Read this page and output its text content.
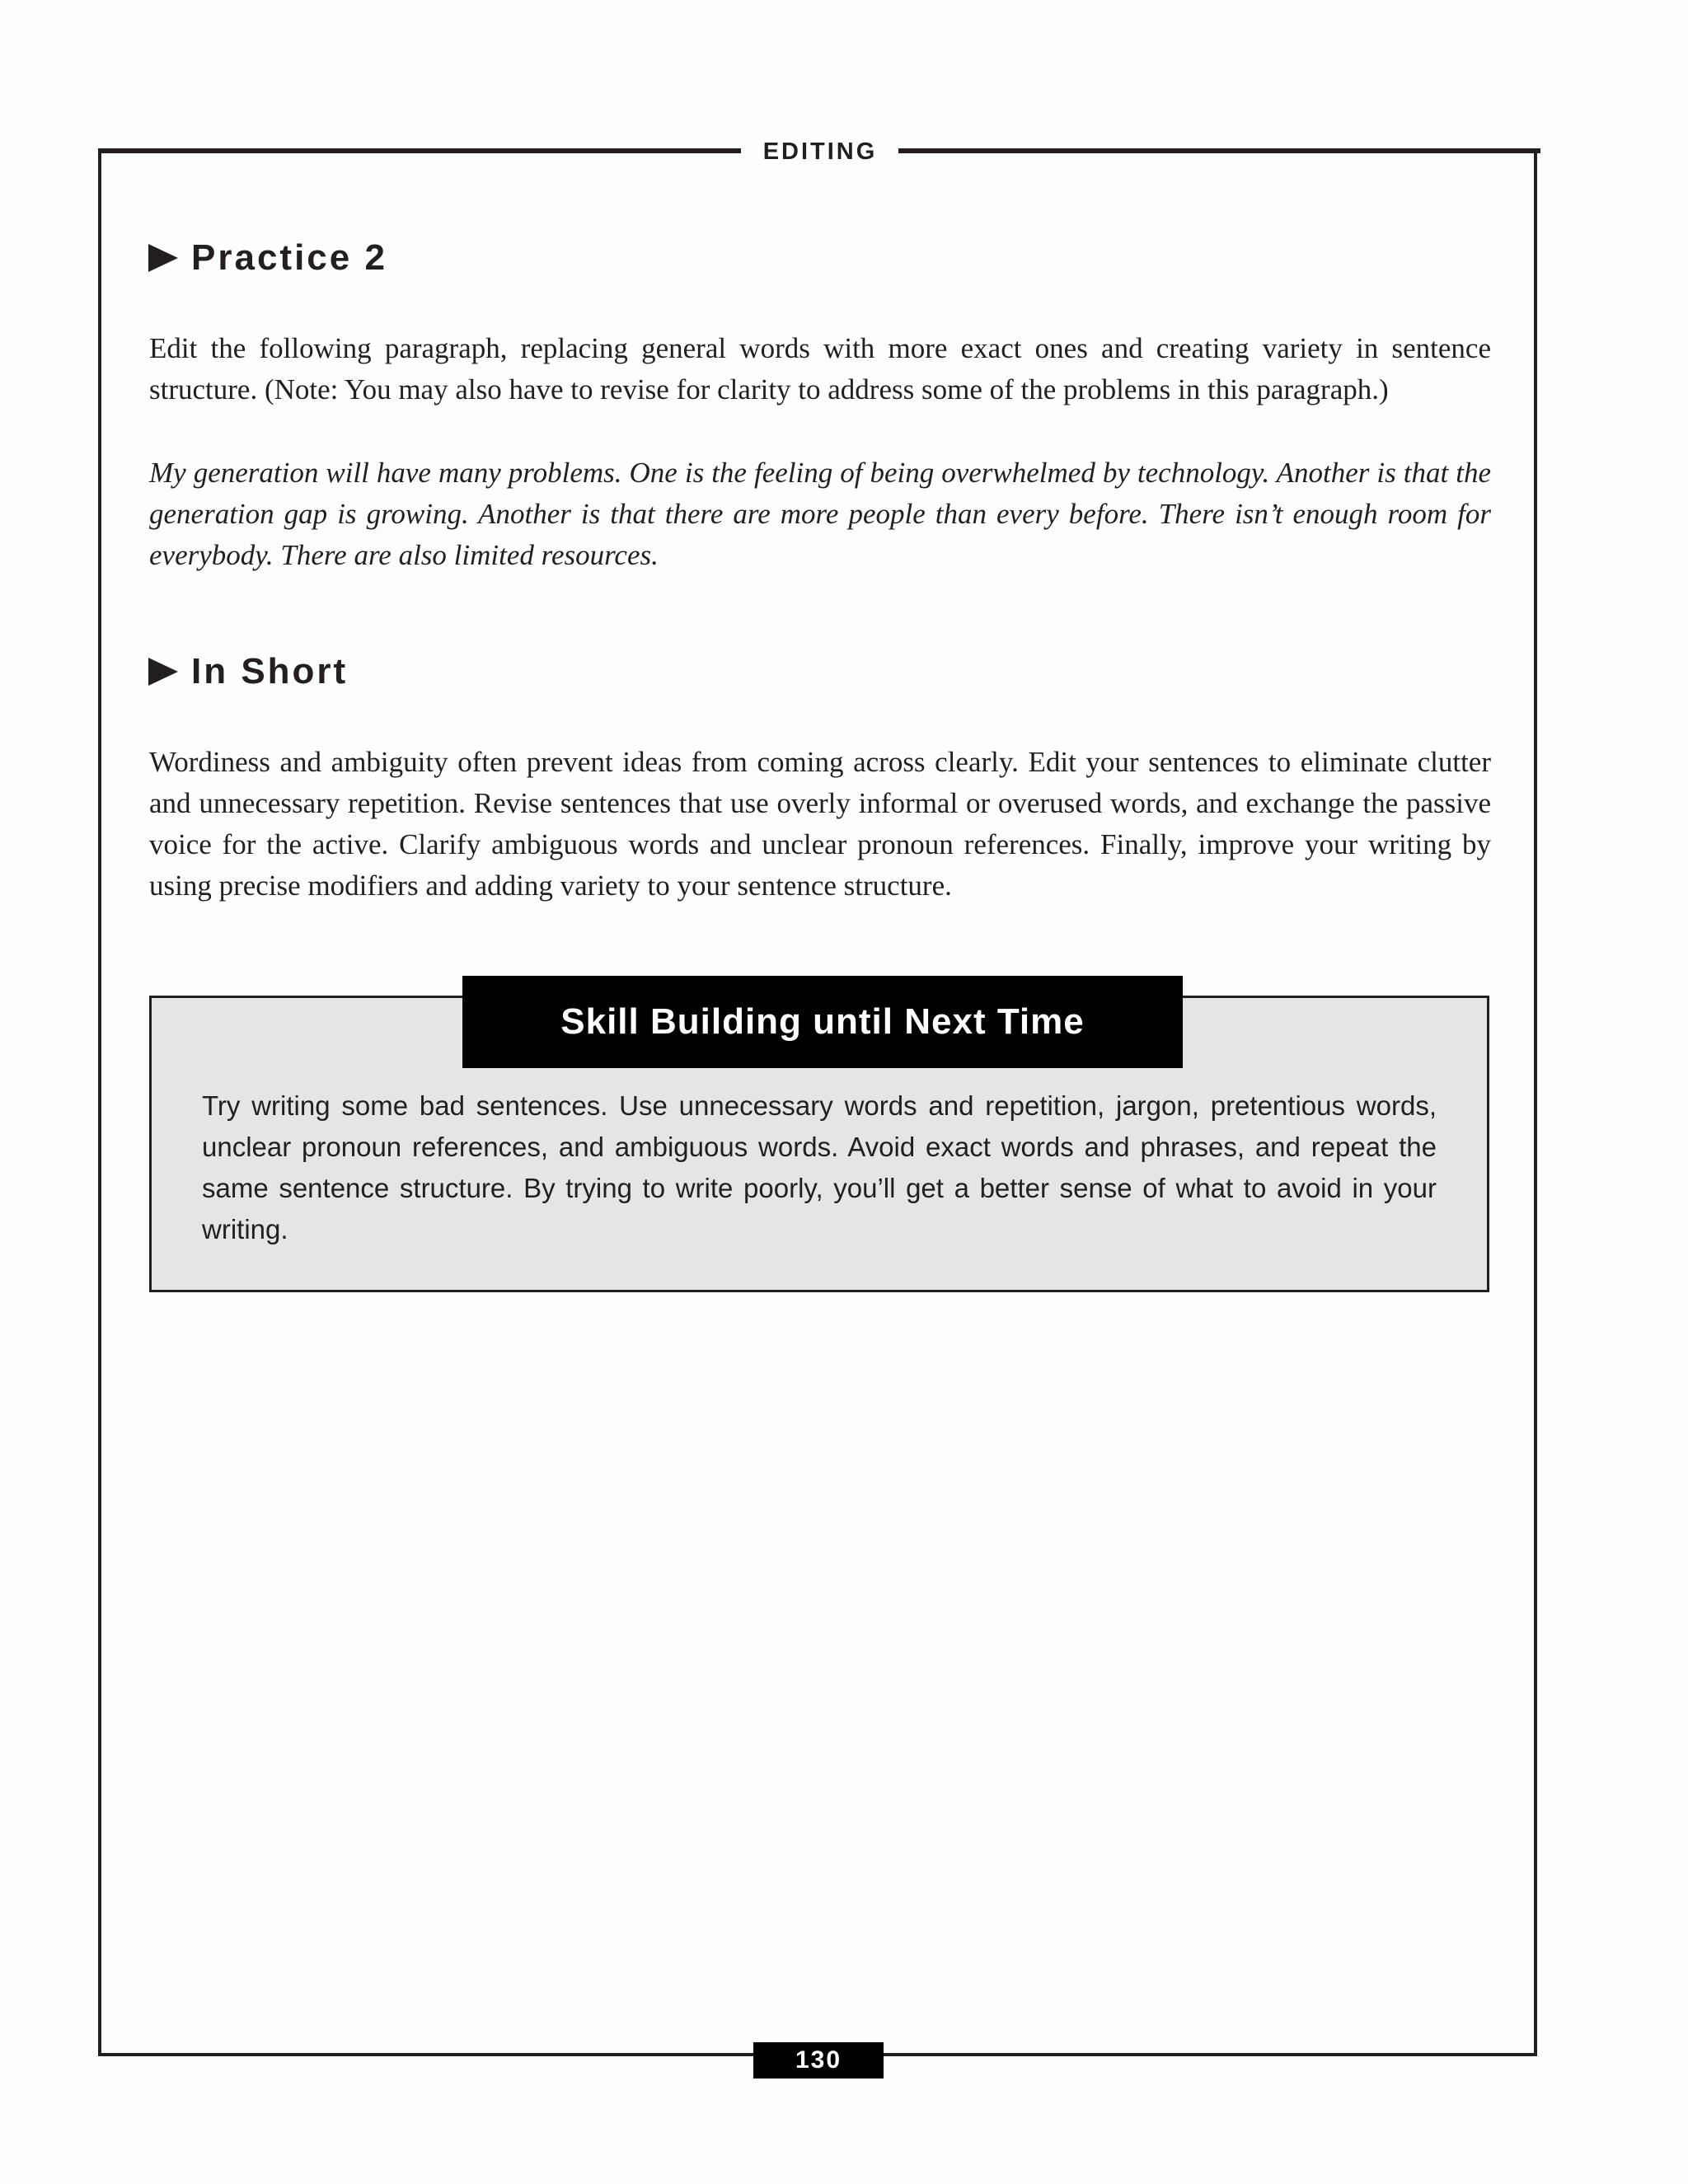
EDITING
Practice 2

Edit the following paragraph, replacing general words with more exact ones and creating variety in sentence structure. (Note: You may also have to revise for clarity to address some of the problems in this paragraph.)

My generation will have many problems. One is the feeling of being overwhelmed by technology. Another is that the generation gap is growing. Another is that there are more people than every before. There isn’t enough room for everybody. There are also limited resources.

In Short

Wordiness and ambiguity often prevent ideas from coming across clearly. Edit your sentences to eliminate clutter and unnecessary repetition. Revise sentences that use overly informal or overused words, and exchange the passive voice for the active. Clarify ambiguous words and unclear pronoun references. Finally, improve your writing by using precise modifiers and adding variety to your sentence structure.

Skill Building until Next Time

Try writing some bad sentences. Use unnecessary words and repetition, jargon, pretentious words, unclear pronoun references, and ambiguous words. Avoid exact words and phrases, and repeat the same sentence structure. By trying to write poorly, you’ll get a better sense of what to avoid in your writing.

130
